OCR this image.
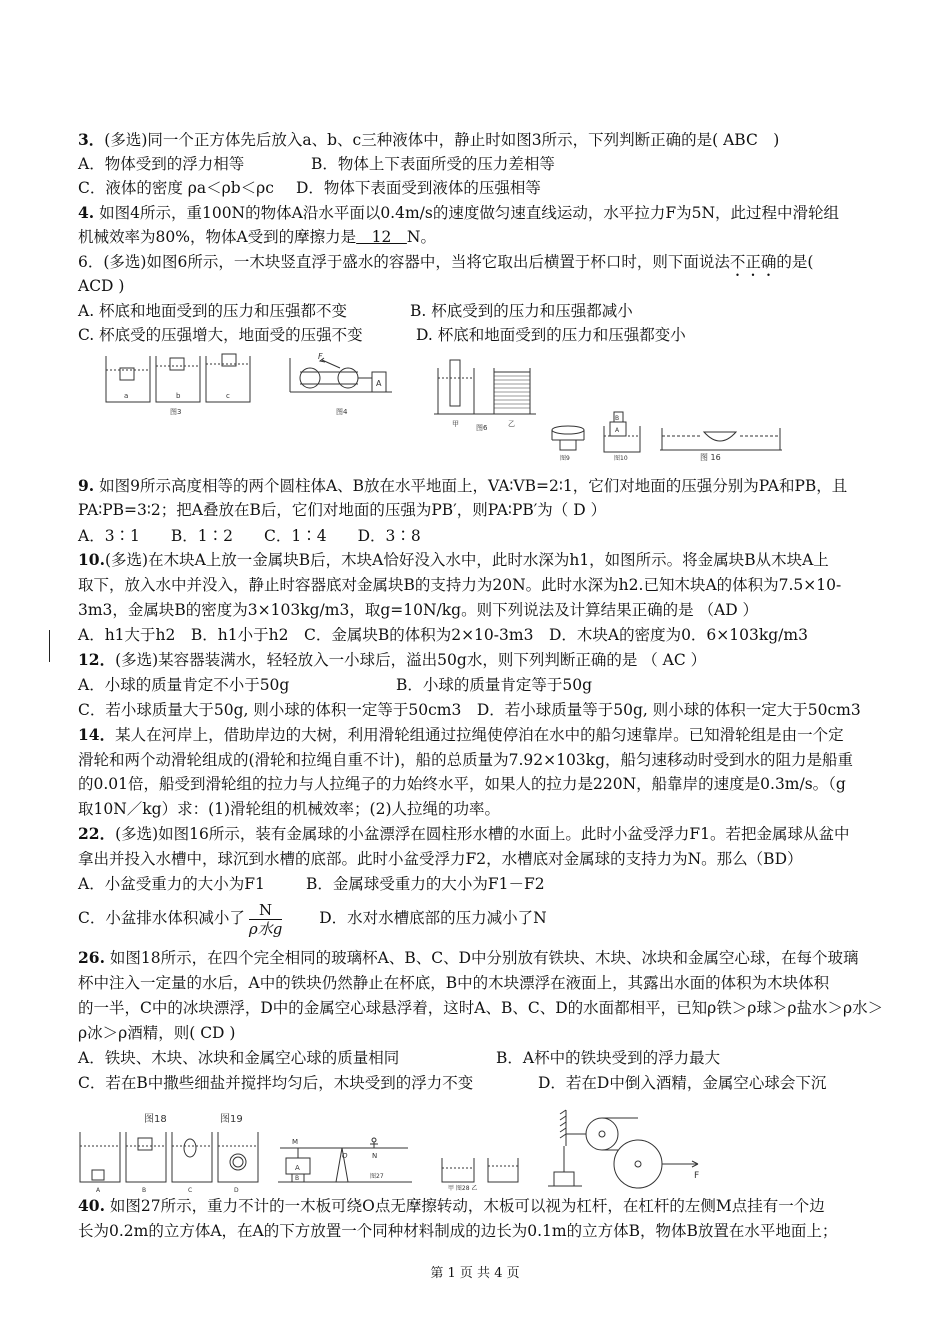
3．(多选)同一个正方体先后放入a、b、c三种液体中，静止时如图3所示，下列判断正确的是( ABC　)
A．物体受到的浮力相等	B．物体上下表面所受的压力差相等
C．液体的密度 ρa＜ρb＜ρc D．物体下表面受到液体的压强相等
4. 如图4所示，重100N的物体A沿水平面以0.4m/s的速度做匀速直线运动，水平拉力F为5N，此过程中滑轮组
机械效率为80%，物体A受到的摩擦力是　12　N。
6．(多选)如图6所示，一木块竖直浮于盛水的容器中，当将它取出后横置于杯口时，则下面说法不正确的是(
ACD )
A. 杯底和地面受到的压力和压强都不变	B. 杯底受到的压力和压强都减小
C. 杯底受的压强增大，地面受的压强不变	D. 杯底和地面受到的压力和压强都变小
a	b	c
图3
F
A
图4
甲 图6	乙
图9
B
A
图10	图 16
9. 如图9所示高度相等的两个圆柱体A、B放在水平地面上，VA∶VB=2∶1，它们对地面的压强分别为PA和PB，且
PA∶PB=3∶2；把A叠放在B后，它们对地面的压强为PB′，则PA∶PB′为（ D ）
A．3∶1　　B．1∶2　　C．1∶4　　D．3∶8
10.(多选)在木块A上放一金属块B后，木块A恰好没入水中，此时水深为h1，如图所示。将金属块B从木块A上
取下，放入水中并没入，静止时容器底对金属块B的支持力为20N。此时水深为h2.已知木块A的体积为7.5×10-
3m3，金属块B的密度为3×103kg/m3，取g=10N/kg。则下列说法及计算结果正确的是 （AD ）
A．h1大于h2　B．h1小于h2　C．金属块B的体积为2×10-3m3　D．木块A的密度为0．6×103kg/m3
12．(多选)某容器装满水，轻轻放入一小球后，溢出50g水，则下列判断正确的是 （ AC ）
A．小球的质量肯定不小于50g	B．小球的质量肯定等于50g
C．若小球质量大于50g, 则小球的体积一定等于50cm3　D．若小球质量等于50g, 则小球的体积一定大于50cm3
14．某人在河岸上，借助岸边的大树，利用滑轮组通过拉绳使停泊在水中的船匀速靠岸。已知滑轮组是由一个定
滑轮和两个动滑轮组成的(滑轮和拉绳自重不计)，船的总质量为7.92×103kg，船匀速移动时受到水的阻力是船重
的0.01倍，船受到滑轮组的拉力与人拉绳子的力始终水平，如果人的拉力是220N，船靠岸的速度是0.3m/s。（g
取10N／kg）求：(1)滑轮组的机械效率；(2)人拉绳的功率。
22．(多选)如图16所示，装有金属球的小盆漂浮在圆柱形水槽的水面上。此时小盆受浮力F1。若把金属球从盆中
拿出并投入水槽中，球沉到水槽的底部。此时小盆受浮力F2，水槽底对金属球的支持力为N。那么（BD）
A．小盆受重力的大小为F1	B．金属球受重力的大小为F1－F2
C．小盆排水体积减小了 $\frac{N}{\text{ρ水g}}$ D．水对水槽底部的压力减小了N
26. 如图18所示，在四个完全相同的玻璃杯A、B、C、D中分别放有铁块、木块、冰块和金属空心球，在每个玻璃
杯中注入一定量的水后，A中的铁块仍然静止在杯底，B中的木块漂浮在液面上，其露出水面的体积为木块体积
的一半，C中的冰块漂浮，D中的金属空心球悬浮着，这时A、B、C、D的水面都相平，已知ρ铁＞ρ球＞ρ盐水＞ρ水＞
ρ冰＞ρ酒精，则( CD )
A．铁块、木块、冰块和金属空心球的质量相同	B．A杯中的铁块受到的浮力最大
C．若在B中撒些细盐并搅拌均匀后，木块受到的浮力不变	D．若在D中倒入酒精，金属空心球会下沉
图18	图19
A	B	C	D
M
O	N
A
B	图27
甲 图28 乙
F
40. 如图27所示，重力不计的一木板可绕O点无摩擦转动，木板可以视为杠杆，在杠杆的左侧M点挂有一个边
长为0.2m的立方体A，在A的下方放置一个同种材料制成的边长为0.1m的立方体B，物体B放置在水平地面上；
第 1 页 共 4 页
